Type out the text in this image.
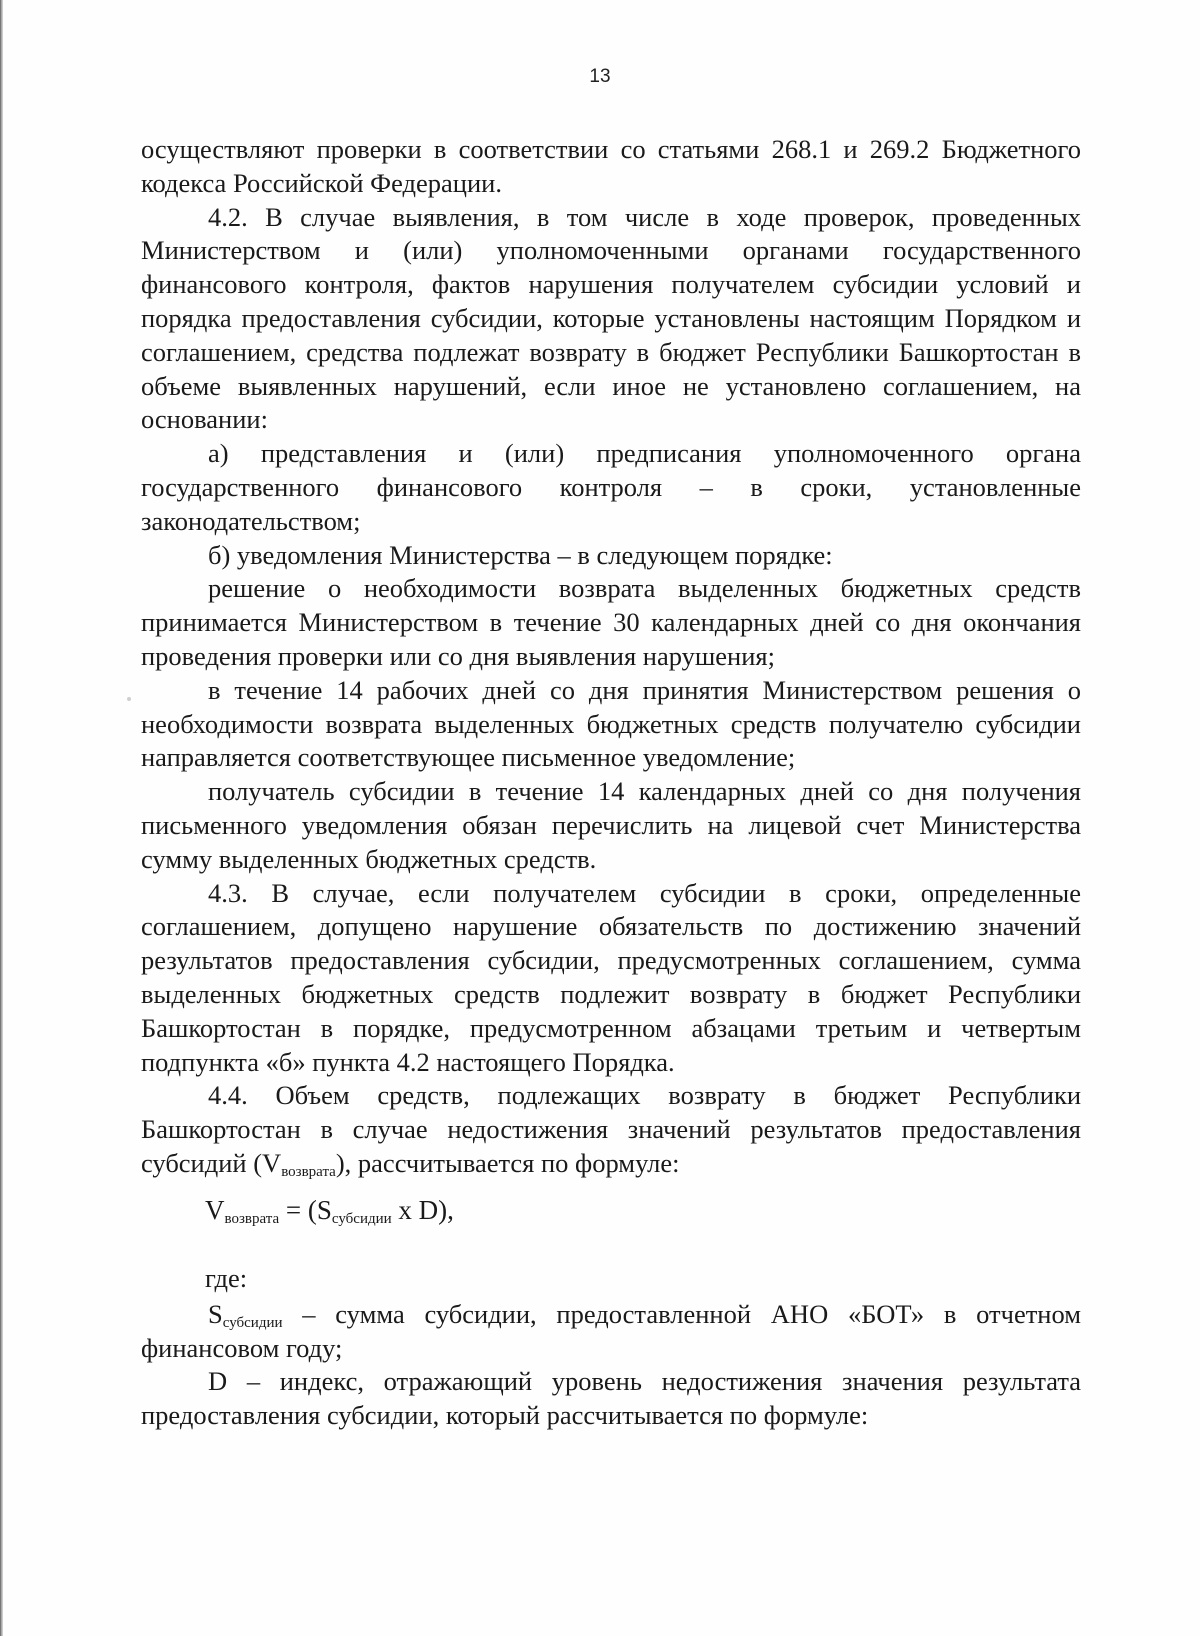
13

осуществляют проверки в соответствии со статьями 268.1 и 269.2 Бюджетного кодекса Российской Федерации.

4.2. В случае выявления, в том числе в ходе проверок, проведенных Министерством и (или) уполномоченными органами государственного финансового контроля, фактов нарушения получателем субсидии условий и порядка предоставления субсидии, которые установлены настоящим Порядком и соглашением, средства подлежат возврату в бюджет Республики Башкортостан в объеме выявленных нарушений, если иное не установлено соглашением, на основании:

а) представления и (или) предписания уполномоченного органа государственного финансового контроля – в сроки, установленные законодательством;

б) уведомления Министерства – в следующем порядке:

решение о необходимости возврата выделенных бюджетных средств принимается Министерством в течение 30 календарных дней со дня окончания проведения проверки или со дня выявления нарушения;

в течение 14 рабочих дней со дня принятия Министерством решения о необходимости возврата выделенных бюджетных средств получателю субсидии направляется соответствующее письменное уведомление;

получатель субсидии в течение 14 календарных дней со дня получения письменного уведомления обязан перечислить на лицевой счет Министерства сумму выделенных бюджетных средств.

4.3. В случае, если получателем субсидии в сроки, определенные соглашением, допущено нарушение обязательств по достижению значений результатов предоставления субсидии, предусмотренных соглашением, сумма выделенных бюджетных средств подлежит возврату в бюджет Республики Башкортостан в порядке, предусмотренном абзацами третьим и четвертым подпункта «б» пункта 4.2 настоящего Порядка.

4.4. Объем средств, подлежащих возврату в бюджет Республики Башкортостан в случае недостижения значений результатов предоставления субсидий $(V_{возврата})$, рассчитывается по формуле:

$V_{возврата} = (S_{субсидии}$ x D),

где:

$S_{субсидии}$ – сумма субсидии, предоставленной АНО «БОТ» в отчетном финансовом году;

D – индекс, отражающий уровень недостижения значения результата предоставления субсидии, который рассчитывается по формуле:
